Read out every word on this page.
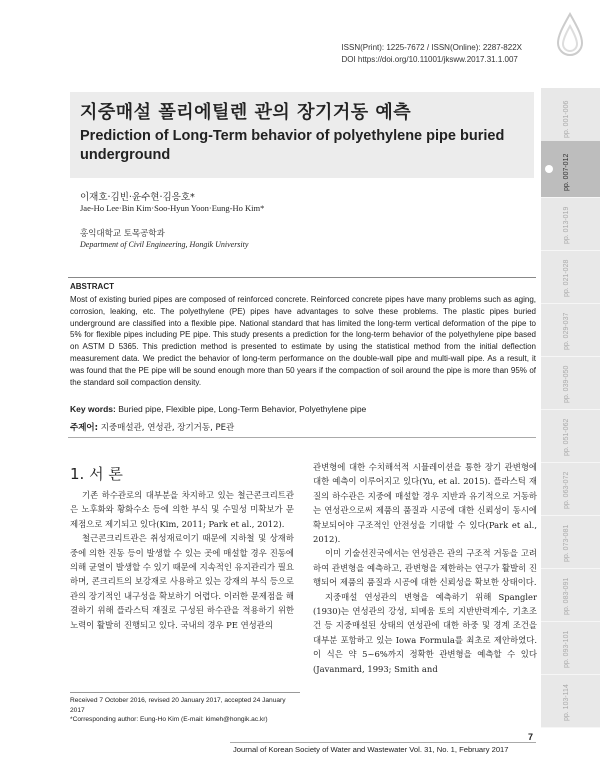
ISSN(Print): 1225-7672 / ISSN(Online): 2287-822X
DOI https://doi.org/10.11001/jksww.2017.31.1.007
지중매설 폴리에틸렌 관의 장기거동 예측
Prediction of Long-Term behavior of polyethylene pipe buried underground
이재호·김빈·윤수현·김응호*
Jae-Ho Lee·Bin Kim·Soo-Hyun Yoon·Eung-Ho Kim*
홍익대학교 토목공학과
Department of Civil Engineering, Hongik University
ABSTRACT
Most of existing buried pipes are composed of reinforced concrete. Reinforced concrete pipes have many problems such as aging, corrosion, leaking, etc. The polyethylene (PE) pipes have advantages to solve these problems. The plastic pipes buried underground are classified into a flexible pipe. National standard that has limited the long-term vertical deformation of the pipe to 5% for flexible pipes including PE pipe. This study presents a prediction for the long-term behavior of the polyethylene pipe based on ASTM D 5365. This prediction method is presented to estimate by using the statistical method from the initial deflection measurement data. We predict the behavior of long-term performance on the double-wall pipe and multi-wall pipe. As a result, it was found that the PE pipe will be sound enough more than 50 years if the compaction of soil around the pipe is more than 95% of the standard soil compaction density.
Key words: Buried pipe, Flexible pipe, Long-Term Behavior, Polyethylene pipe
주제어: 지중매설관, 연성관, 장기거동, PE관
1. 서 론

기존 하수관로의 대부분을 차지하고 있는 철근콘크리트관은 노후화와 황화수소 등에 의한 부식 및 수밀성 미확보가 문제점으로 제기되고 있다(Kim, 2011; Park et al., 2012).

철근콘크리트관은 취성재료이기 때문에 지하철 및 상재하중에 의한 진동 등이 발생할 수 있는 곳에 매설할 경우 진동에 의해 균열이 발생할 수 있기 때문에 지속적인 유지관리가 필요하며, 콘크리트의 보강재로 사용하고 있는 강재의 부식 등으로 관의 장기적인 내구성을 확보하기 어렵다. 이러한 문제점을 해결하기 위해 플라스틱 재질로 구성된 하수관을 적용하기 위한 노력이 활발히 진행되고 있다. 국내의 경우 PE 연성관의

관변형에 대한 수치해석적 시뮬레이션을 통한 장기 관변형에 대한 예측이 이루어지고 있다(Yu, et al. 2015). 플라스틱 재질의 하수관은 지중에 매설할 경우 지반과 유기적으로 거동하는 연성관으로써 제품의 품질과 시공에 대한 신뢰성이 동시에 확보되어야 구조적인 안전성을 기대할 수 있다(Park et al., 2012).

이미 기술선진국에서는 연성관은 관의 구조적 거동을 고려하여 관변형을 예측하고, 관변형을 제한하는 연구가 활발히 진행되어 제품의 품질과 시공에 대한 신뢰성을 확보한 상태이다.

지중매설 연성관의 변형을 예측하기 위해 Spangler (1930)는 연성관의 강성, 되메움 토의 지반반력계수, 기초조건 등 지중매설된 상태의 연성관에 대한 하중 및 경계 조건을 대부분 포함하고 있는 Iowa Formula를 최초로 제안하였다. 이 식은 약 5~6%까지 정확한 관변형을 예측할 수 있다(Javanmard, 1993; Smith and

Received 7 October 2016, revised 20 January 2017, accepted 24 January 2017
*Corresponding author: Eung-Ho Kim (E-mail: kimeh@hongik.ac.kr)
7
Journal of Korean Society of Water and Wastewater Vol. 31, No. 1, February 2017
pp. 001-006
pp. 007-012
pp. 013-019
pp. 021-028
pp. 029-037
pp. 039-050
pp. 051-062
pp. 063-072
pp. 073-081
pp. 083-091
pp. 093-101
pp. 103-114
